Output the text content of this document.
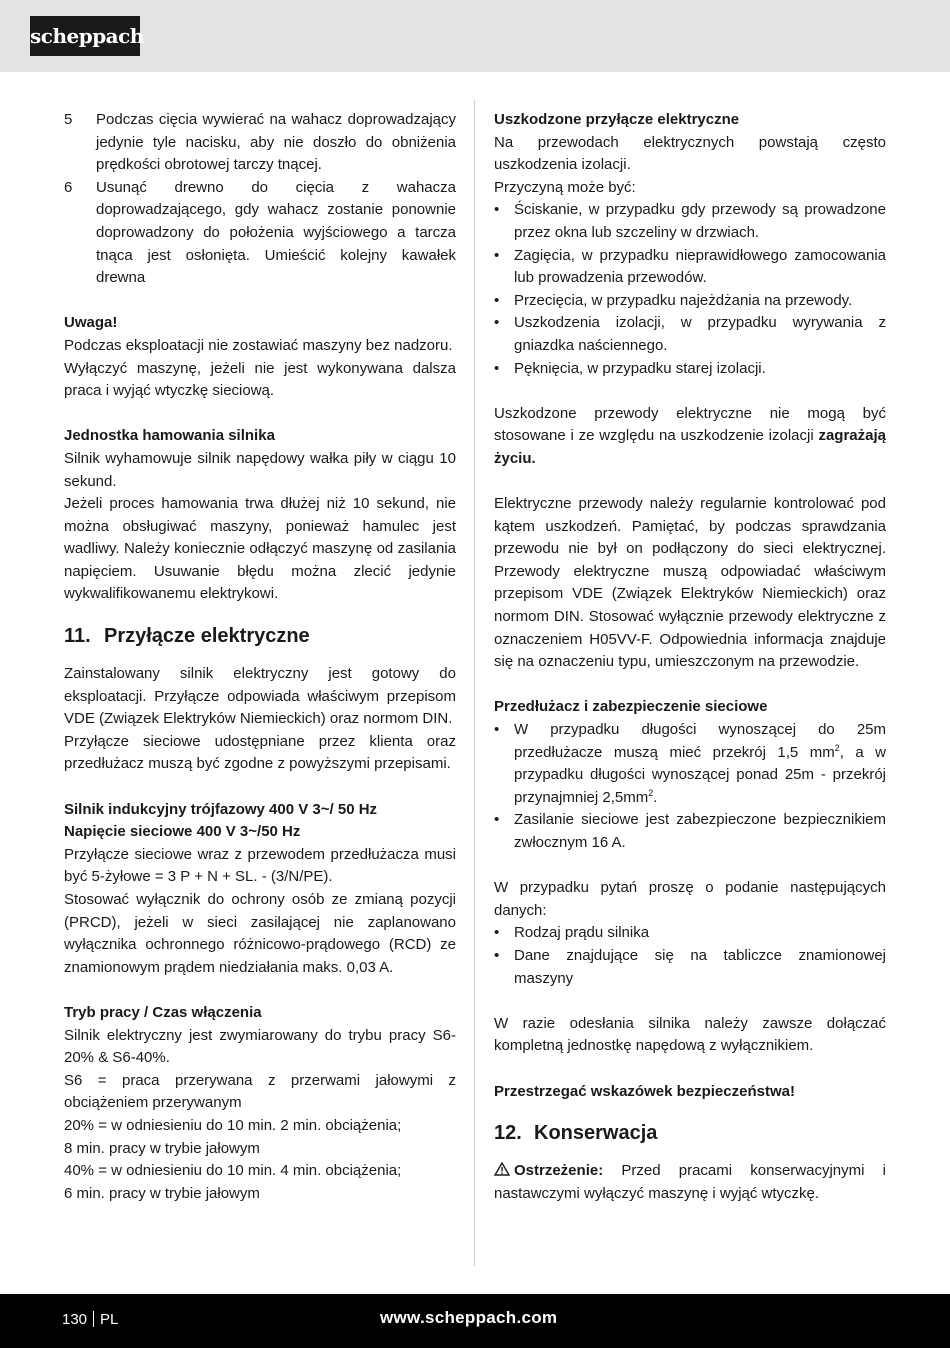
scheppach
5 Podczas cięcia wywierać na wahacz doprowadzający jedynie tyle nacisku, aby nie doszło do obniżenia prędkości obrotowej tarczy tnącej.

6 Usunąć drewno do cięcia z wahacza doprowadzającego, gdy wahacz zostanie ponownie doprowadzony do położenia wyjściowego a tarcza tnąca jest osłonięta. Umieścić kolejny kawałek drewna

Uwaga!

Podczas eksploatacji nie zostawiać maszyny bez nadzoru.

Wyłączyć maszynę, jeżeli nie jest wykonywana dalsza praca i wyjąć wtyczkę sieciową.

Jednostka hamowania silnika

Silnik wyhamowuje silnik napędowy wałka piły w ciągu 10 sekund.

Jeżeli proces hamowania trwa dłużej niż 10 sekund, nie można obsługiwać maszyny, ponieważ hamulec jest wadliwy. Należy koniecznie odłączyć maszynę od zasilania napięciem. Usuwanie błędu można zlecić jedynie wykwalifikowanemu elektrykowi.

11. Przyłącze elektryczne

Zainstalowany silnik elektryczny jest gotowy do eksploatacji. Przyłącze odpowiada właściwym przepisom VDE (Związek Elektryków Niemieckich) oraz normom DIN.

Przyłącze sieciowe udostępniane przez klienta oraz przedłużacz muszą być zgodne z powyższymi przepisami.

Silnik indukcyjny trójfazowy 400 V 3~/ 50 Hz

Napięcie sieciowe 400 V 3~/50 Hz

Przyłącze sieciowe wraz z przewodem przedłużacza musi być 5-żyłowe = 3 P + N + SL. - (3/N/PE).

Stosować wyłącznik do ochrony osób ze zmianą pozycji (PRCD), jeżeli w sieci zasilającej nie zaplanowano wyłącznika ochronnego różnicowo-prądowego (RCD) ze znamionowym prądem niedziałania maks. 0,03 A.

Tryb pracy / Czas włączenia

Silnik elektryczny jest zwymiarowany do trybu pracy S6-20% & S6-40%.

S6 = praca przerywana z przerwami jałowymi z obciążeniem przerywanym

20% = w odniesieniu do 10 min. 2 min. obciążenia;

8 min. pracy w trybie jałowym

40% = w odniesieniu do 10 min. 4 min. obciążenia;

6 min. pracy w trybie jałowym

Uszkodzone przyłącze elektryczne

Na przewodach elektrycznych powstają często uszkodzenia izolacji.

Przyczyną może być:

• Ściskanie, w przypadku gdy przewody są prowadzone przez okna lub szczeliny w drzwiach.
• Zagięcia, w przypadku nieprawidłowego zamocowania lub prowadzenia przewodów.
• Przecięcia, w przypadku najeżdżania na przewody.
• Uszkodzenia izolacji, w przypadku wyrywania z gniazdka naściennego.
• Pęknięcia, w przypadku starej izolacji.

Uszkodzone przewody elektryczne nie mogą być stosowane i ze względu na uszkodzenie izolacji zagrażają życiu.

Elektryczne przewody należy regularnie kontrolować pod kątem uszkodzeń. Pamiętać, by podczas sprawdzania przewodu nie był on podłączony do sieci elektrycznej. Przewody elektryczne muszą odpowiadać właściwym przepisom VDE (Związek Elektryków Niemieckich) oraz normom DIN. Stosować wyłącznie przewody elektryczne z oznaczeniem H05VV-F. Odpowiednia informacja znajduje się na oznaczeniu typu, umieszczonym na przewodzie.

Przedłużacz i zabezpieczenie sieciowe

• W przypadku długości wynoszącej do 25m przedłużacze muszą mieć przekrój 1,5 $mm^2$, a w przypadku długości wynoszącej ponad 25m - przekrój przynajmniej $2,5mm^2$.
• Zasilanie sieciowe jest zabezpieczone bezpiecznikiem zwłocznym 16 A.

W przypadku pytań proszę o podanie następujących danych:

• Rodzaj prądu silnika
• Dane znajdujące się na tabliczce znamionowej maszyny

W razie odesłania silnika należy zawsze dołączać kompletną jednostkę napędową z wyłącznikiem.

Przestrzegać wskazówek bezpieczeństwa!

12. Konserwacja

Ostrzeżenie: Przed pracami konserwacyjnymi i nastawczymi wyłączyć maszynę i wyjąć wtyczkę.

130 PL	www.scheppach.com
